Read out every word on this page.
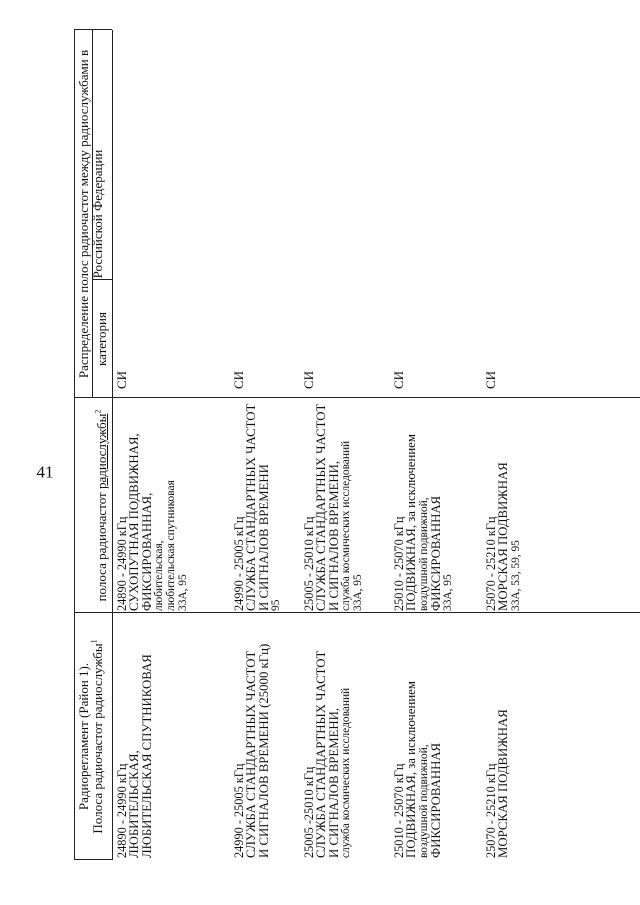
41
Радиорегламент (Район 1). Полоса радиочастот радиослужбы$^1$
Распределение полос радиочастот между радиослужбами в Российской Федерации
полоса радиочастот радиослужбы$^2$
категория
24890 - 24990 кГц
ЛЮБИТЕЛЬСКАЯ,
ЛЮБИТЕЛЬСКАЯ СПУТНИКОВАЯ
24890 - 24990 кГц
СУХОПУТНАЯ ПОДВИЖНАЯ,
ФИКСИРОВАННАЯ, любительская, любительская спутниковая 33А, 95
СИ
24990 - 25005 кГц
СЛУЖБА СТАНДАРТНЫХ ЧАСТОТ
И СИГНАЛОВ ВРЕМЕНИ (25000 кГц)
24990 - 25005 кГц
СЛУЖБА СТАНДАРТНЫХ ЧАСТОТ
И СИГНАЛОВ ВРЕМЕНИ 95
СИ
25005 -25010 кГц
СЛУЖБА СТАНДАРТНЫХ ЧАСТОТ
И СИГНАЛОВ ВРЕМЕНИ, служба космических исследований
25005 - 25010 кГц
СЛУЖБА СТАНДАРТНЫХ ЧАСТОТ
И СИГНАЛОВ ВРЕМЕНИ, служба космических исследований 33А, 95
СИ
25010 - 25070 кГц
ПОДВИЖНАЯ, за исключением воздушной подвижной, ФИКСИРОВАННАЯ
25010 - 25070 кГц
ПОДВИЖНАЯ, за исключением воздушной подвижной, ФИКСИРОВАННАЯ 33А, 95
СИ
25070 - 25210 кГц
МОРСКАЯ ПОДВИЖНАЯ
25070 - 25210 кГц
МОРСКАЯ ПОДВИЖНАЯ 33А, 53, 59, 95
СИ
